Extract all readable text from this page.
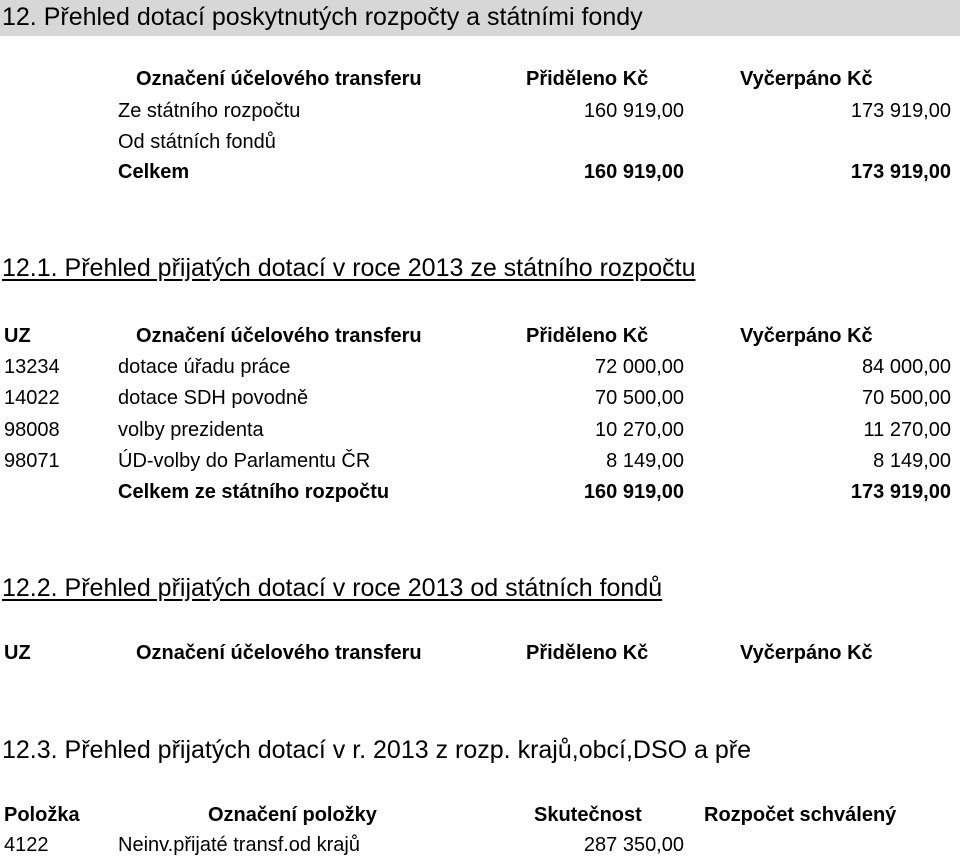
12. Přehled dotací poskytnutých rozpočty a státními fondy
Označení účelového transferu	Přiděleno Kč	Vyčerpáno Kč
Ze státního rozpočtu	160 919,00	173 919,00
Od státních fondů
Celkem	160 919,00	173 919,00
12.1. Přehled přijatých dotací v roce 2013 ze státního rozpočtu
UZ	Označení účelového transferu	Přiděleno Kč	Vyčerpáno Kč
13234	dotace úřadu práce	72 000,00	84 000,00
14022	dotace SDH povodně	70 500,00	70 500,00
98008	volby prezidenta	10 270,00	11 270,00
98071	ÚD-volby do Parlamentu ČR	8 149,00	8 149,00
Celkem ze státního rozpočtu	160 919,00	173 919,00
12.2. Přehled přijatých dotací v roce 2013 od státních fondů
UZ	Označení účelového transferu	Přiděleno Kč	Vyčerpáno Kč
12.3. Přehled přijatých dotací v r. 2013 z rozp. krajů,obcí,DSO a pře
Položka	Označení položky	Skutečnost	Rozpočet schválený
4122	Neinv.přijaté transf.od krajů	287 350,00
